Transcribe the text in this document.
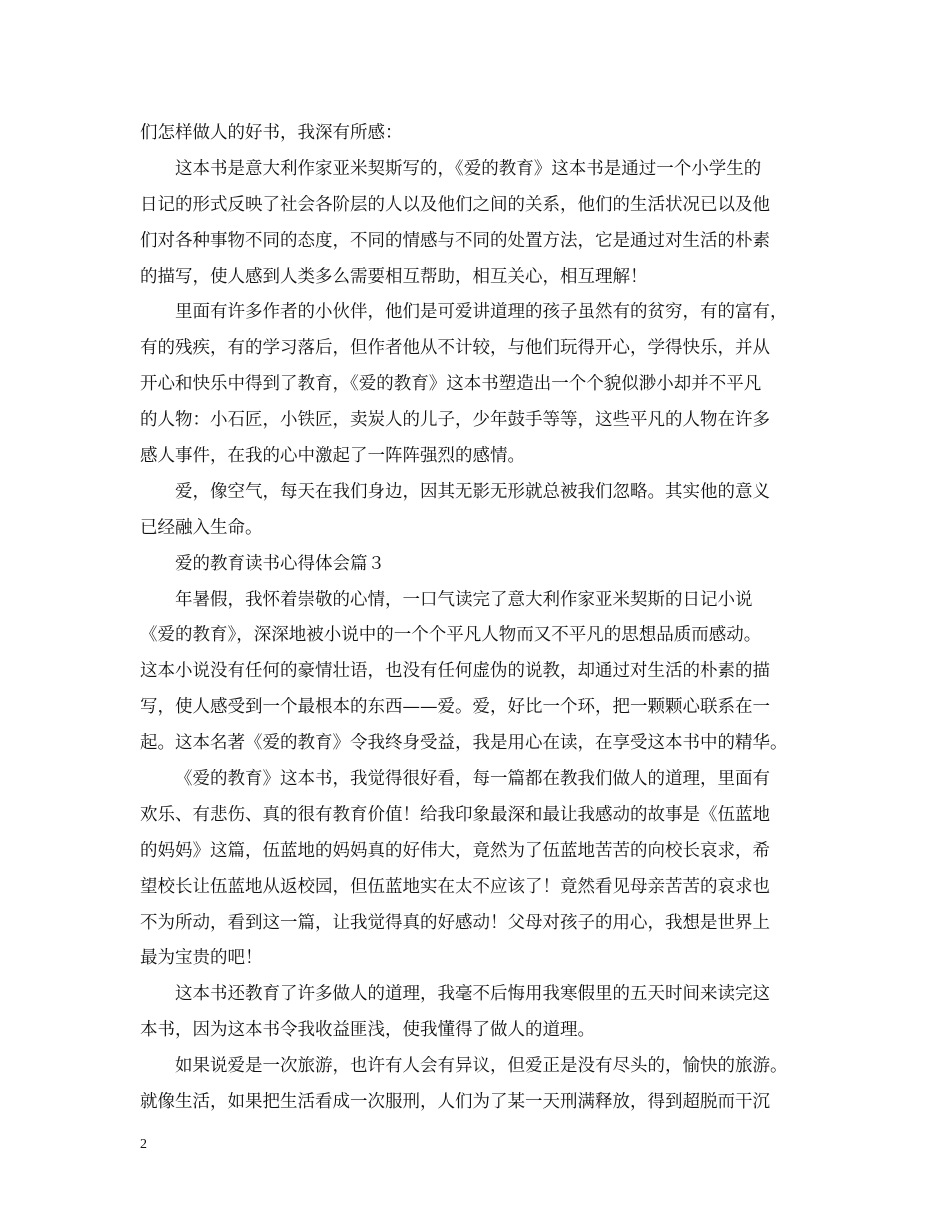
们怎样做人的好书，我深有所感：
这本书是意大利作家亚米契斯写的，《爱的教育》这本书是通过一个小学生的
日记的形式反映了社会各阶层的人以及他们之间的关系，他们的生活状况已以及他
们对各种事物不同的态度，不同的情感与不同的处置方法，它是通过对生活的朴素
的描写，使人感到人类多么需要相互帮助，相互关心，相互理解！
里面有许多作者的小伙伴，他们是可爱讲道理的孩子虽然有的贫穷，有的富有，
有的残疾，有的学习落后，但作者他从不计较，与他们玩得开心，学得快乐，并从
开心和快乐中得到了教育，《爱的教育》这本书塑造出一个个貌似渺小却并不平凡
的人物：小石匠，小铁匠，卖炭人的儿子，少年鼓手等等，这些平凡的人物在许多
感人事件，在我的心中激起了一阵阵强烈的感情。
爱，像空气，每天在我们身边，因其无影无形就总被我们忽略。其实他的意义
已经融入生命。
爱的教育读书心得体会篇３
年暑假，我怀着崇敬的心情，一口气读完了意大利作家亚米契斯的日记小说
《爱的教育》，深深地被小说中的一个个平凡人物而又不平凡的思想品质而感动。
这本小说没有任何的豪情壮语，也没有任何虚伪的说教，却通过对生活的朴素的描
写，使人感受到一个最根本的东西——爱。爱，好比一个环，把一颗颗心联系在一
起。这本名著《爱的教育》令我终身受益，我是用心在读，在享受这本书中的精华。
《爱的教育》这本书，我觉得很好看，每一篇都在教我们做人的道理，里面有
欢乐、有悲伤、真的很有教育价值！给我印象最深和最让我感动的故事是《伍蓝地
的妈妈》这篇，伍蓝地的妈妈真的好伟大，竟然为了伍蓝地苦苦的向校长哀求，希
望校长让伍蓝地从返校园，但伍蓝地实在太不应该了！竟然看见母亲苦苦的哀求也
不为所动，看到这一篇，让我觉得真的好感动！父母对孩子的用心，我想是世界上
最为宝贵的吧！
这本书还教育了许多做人的道理，我毫不后悔用我寒假里的五天时间来读完这
本书，因为这本书令我收益匪浅，使我懂得了做人的道理。
如果说爱是一次旅游，也许有人会有异议，但爱正是没有尽头的，愉快的旅游。
就像生活，如果把生活看成一次服刑，人们为了某一天刑满释放，得到超脱而干沉
2
